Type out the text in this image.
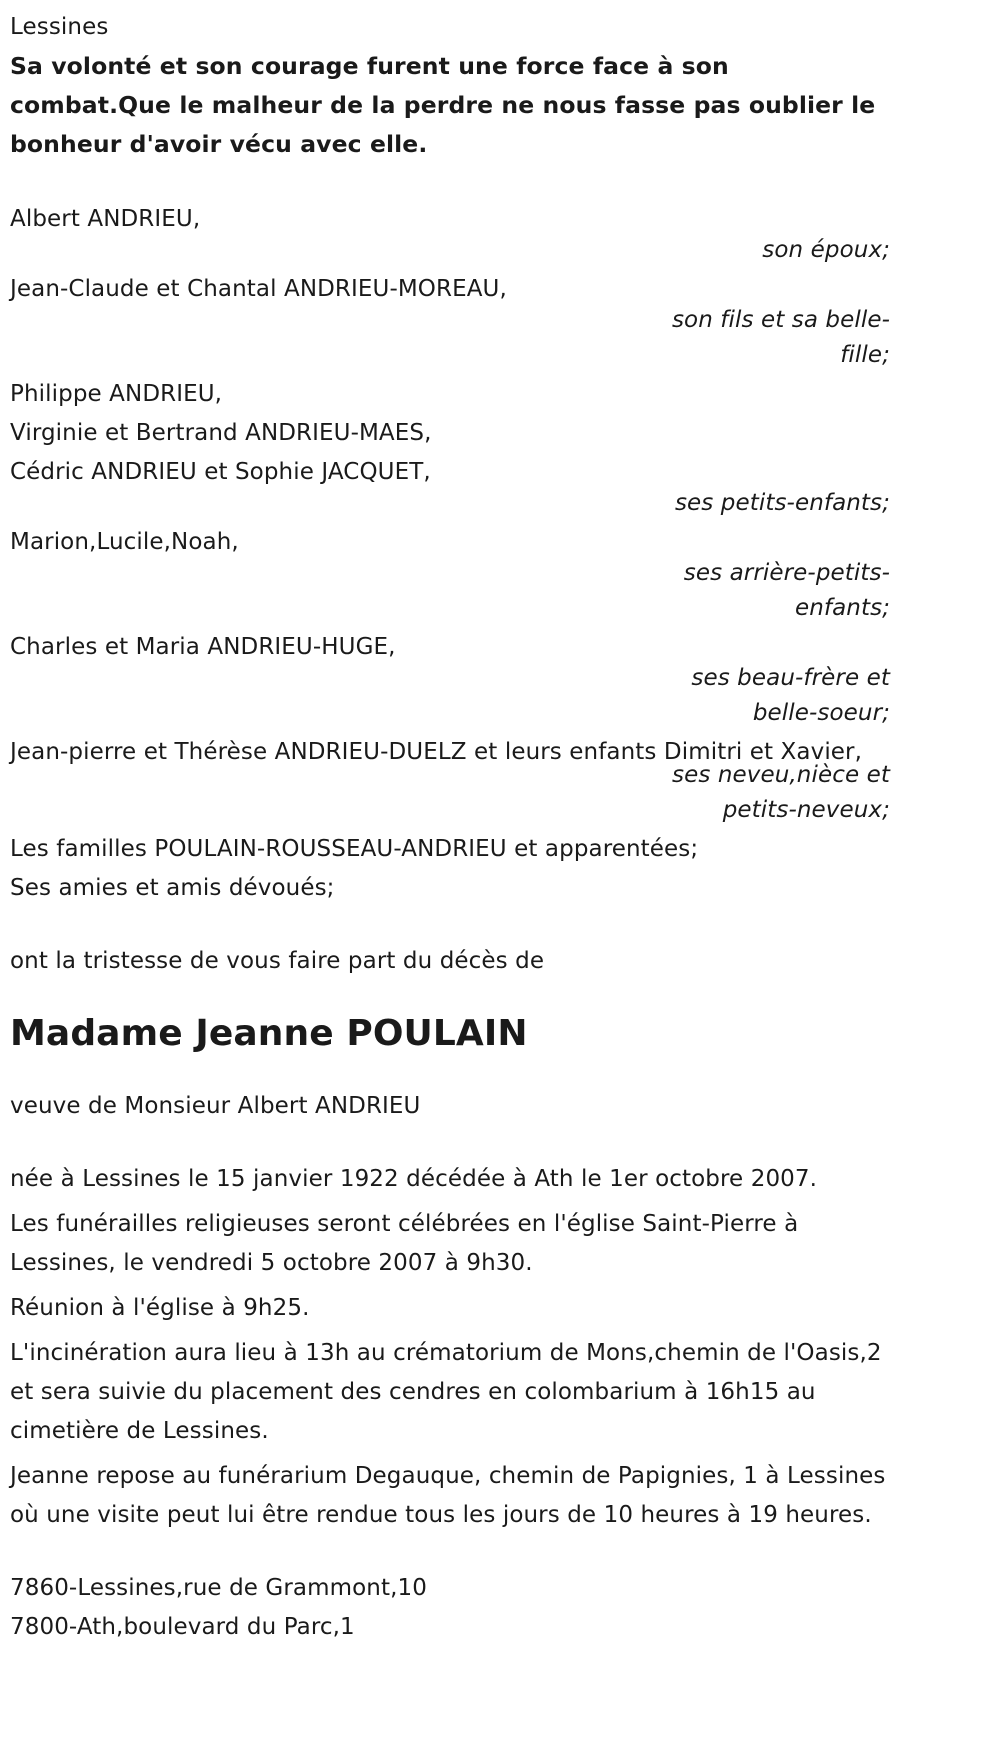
Lessines

Sa volonté et son courage furent une force face à son combat.Que le malheur de la perdre ne nous fasse pas oublier le bonheur d'avoir vécu avec elle.

Albert ANDRIEU,

son époux;

Jean-Claude et Chantal ANDRIEU-MOREAU,

son fils et sa belle-fille;

Philippe ANDRIEU,

Virginie et Bertrand ANDRIEU-MAES,

Cédric ANDRIEU et Sophie JACQUET,

ses petits-enfants;

Marion,Lucile,Noah,

ses arrière-petits-enfants;

Charles et Maria ANDRIEU-HUGE,

ses beau-frère et belle-soeur;

Jean-pierre et Thérèse ANDRIEU-DUELZ et leurs enfants Dimitri et Xavier,

ses neveu,nièce et petits-neveux;

Les familles POULAIN-ROUSSEAU-ANDRIEU et apparentées;

Ses amies et amis dévoués;

ont la tristesse de vous faire part du décès de

Madame Jeanne POULAIN

veuve de Monsieur Albert ANDRIEU

née à Lessines le 15 janvier 1922 décédée à Ath le 1er octobre 2007.

Les funérailles religieuses seront célébrées en l'église Saint-Pierre à Lessines, le vendredi 5 octobre 2007 à 9h30.

Réunion à l'église à 9h25.

L'incinération aura lieu à 13h au crématorium de Mons,chemin de l'Oasis,2 et sera suivie du placement des cendres en colombarium à 16h15 au cimetière de Lessines.

Jeanne repose au funérarium Degauque, chemin de Papignies, 1 à Lessines où une visite peut lui être rendue tous les jours de 10 heures à 19 heures.

7860-Lessines,rue de Grammont,10

7800-Ath,boulevard du Parc,1
